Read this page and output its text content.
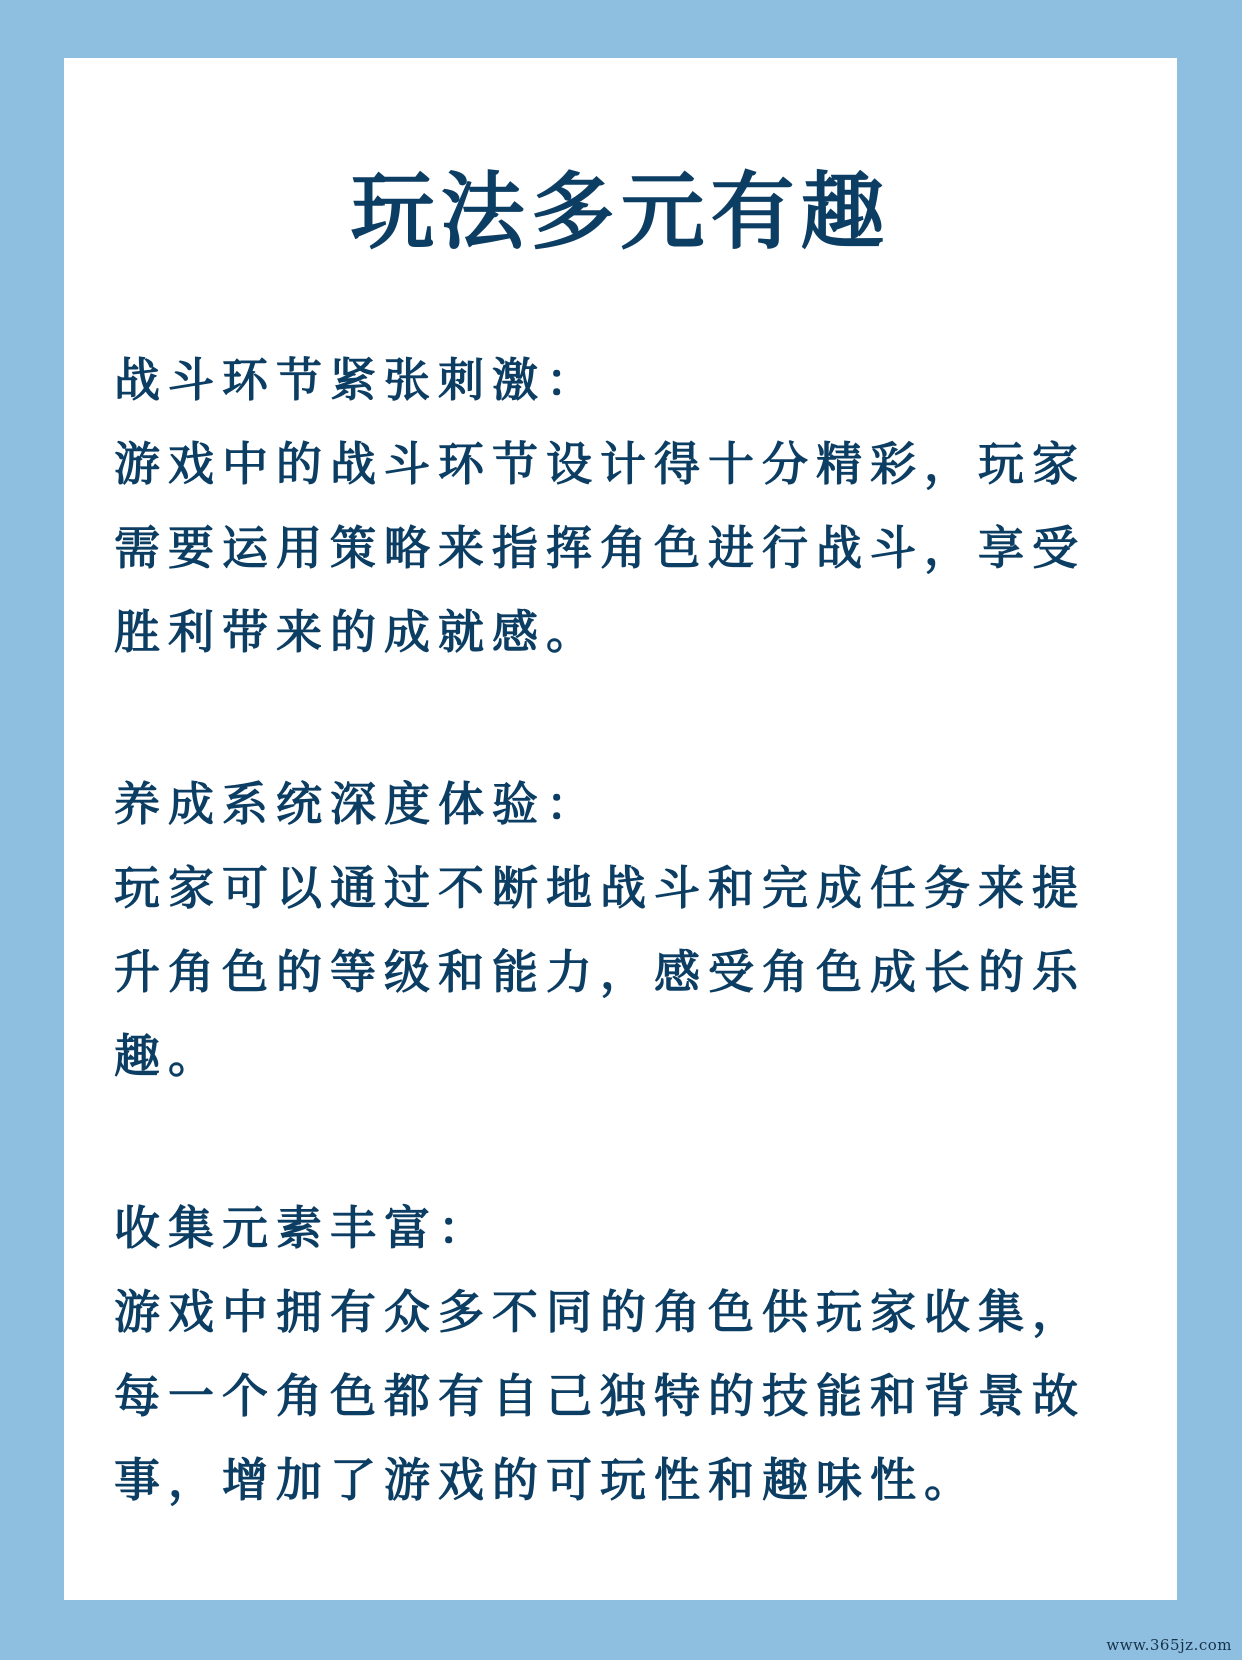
玩法多元有趣

战斗环节紧张刺激：

游戏中的战斗环节设计得十分精彩，玩家需要运用策略来指挥角色进行战斗，享受胜利带来的成就感。

养成系统深度体验：

玩家可以通过不断地战斗和完成任务来提升角色的等级和能力，感受角色成长的乐趣。

收集元素丰富：

游戏中拥有众多不同的角色供玩家收集，每一个角色都有自己独特的技能和背景故事，增加了游戏的可玩性和趣味性。

www.365jz.com
